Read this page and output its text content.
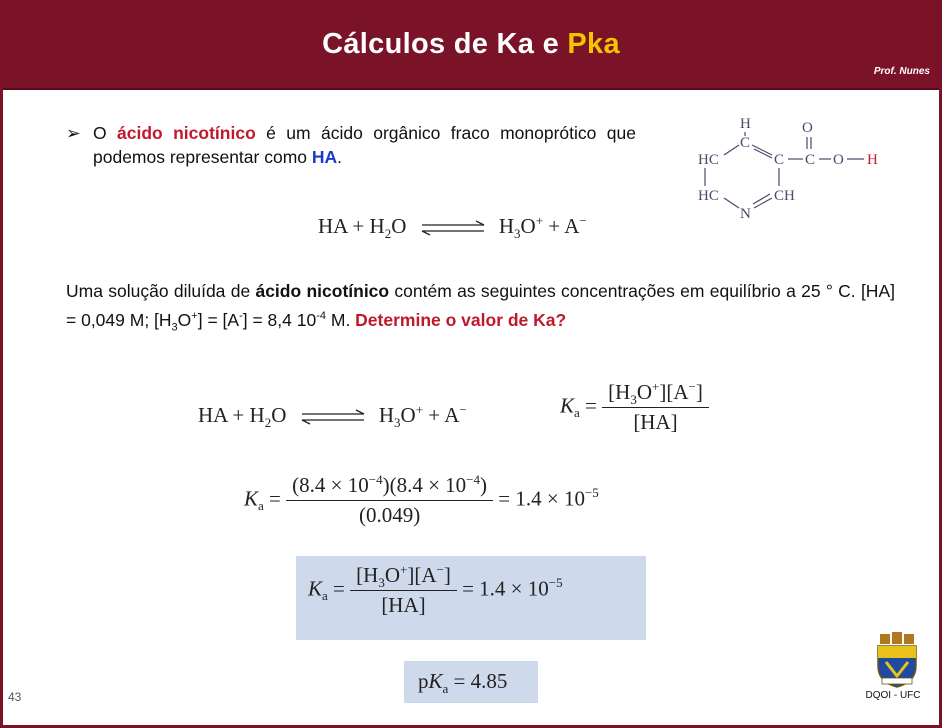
Cálculos de Ka e Pka
Prof. Nunes
➢ O ácido nicotínico é um ácido orgânico fraco monoprótico que podemos representar como HA.
H
C
O
HC	C C O H
HC	CH
N
HA + $H_2O$ ⇌ $H_3O^+ + A^-$
Uma solução diluída de ácido nicotínico contém as seguintes concentrações em equilíbrio a 25 ° C. [HA] = 0,049 M; $[H_3O^+] = [A^-] = 8,4$ $10^{-4}$ M. Determine o valor de Ka?
HA + $H_2O$ ⇌ $H_3O^+ + A^-$	$K_a = \frac{[H_3O^+][A^-]}{[HA]}$
$K_a = \frac{(8.4 \times 10^{-4})(8.4 \times 10^{-4})}{(0.049)} = 1.4 \times 10^{-5}$
$K_a = \frac{[H_3O^+][A^-]}{[HA]} = 1.4 \times 10^{-5}$
$pK_a = 4.85$
43	DQOI - UFC
